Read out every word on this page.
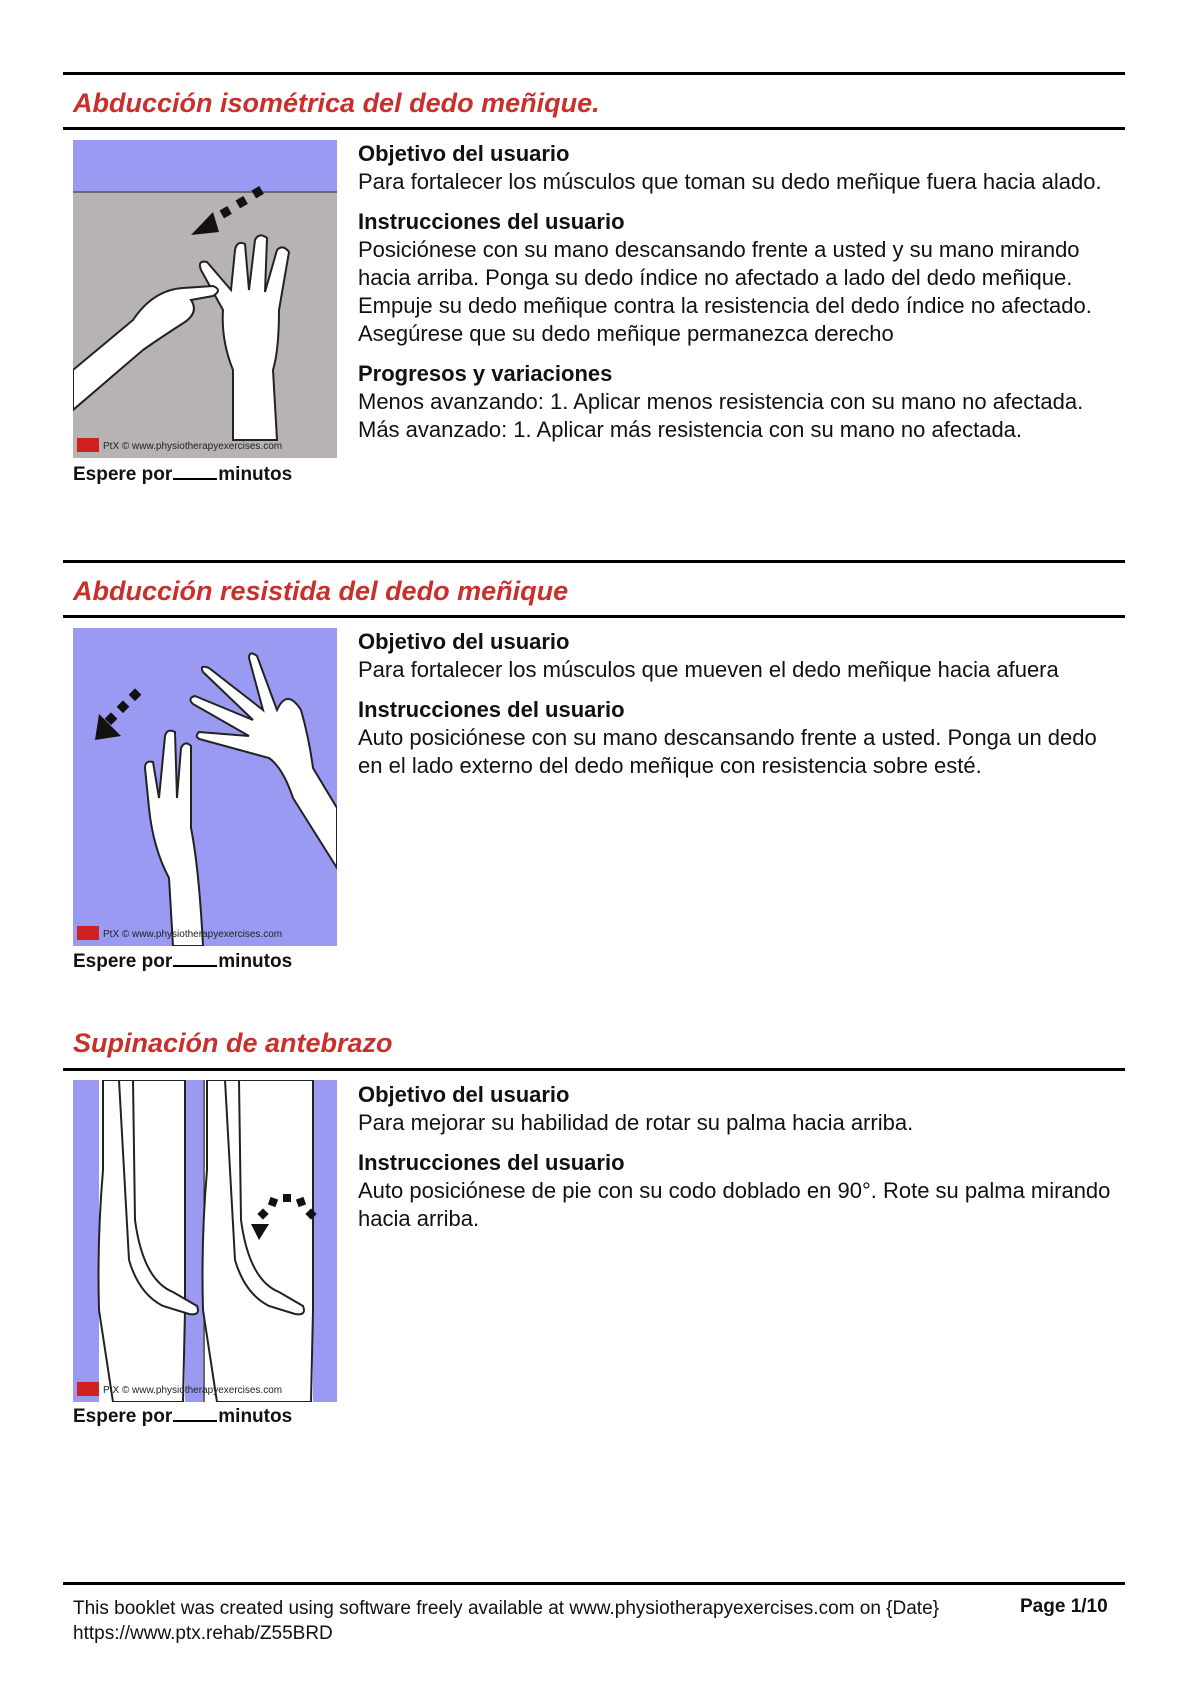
Abducción isométrica del dedo meñique.
PtX © www.physiotherapyexercises.com
Espere por minutos
Objetivo del usuario

Para fortalecer los músculos que toman su dedo meñique fuera hacia alado.

Instrucciones del usuario

Posiciónese con su mano descansando frente a usted y su mano mirando hacia arriba. Ponga su dedo índice no afectado a lado del dedo meñique. Empuje su dedo meñique contra la resistencia del dedo índice no afectado. Asegúrese que su dedo meñique permanezca derecho

Progresos y variaciones

Menos avanzando: 1. Aplicar menos resistencia con su mano no afectada. Más avanzado: 1. Aplicar más resistencia con su mano no afectada.

Abducción resistida del dedo meñique
PtX © www.physiotherapyexercises.com
Espere por minutos
Objetivo del usuario

Para fortalecer los músculos que mueven el dedo meñique hacia afuera

Instrucciones del usuario

Auto posiciónese con su mano descansando frente a usted. Ponga un dedo en el lado externo del dedo meñique con resistencia sobre esté.

Supinación de antebrazo
PtX © www.physiotherapyexercises.com
Espere por minutos
Objetivo del usuario

Para mejorar su habilidad de rotar su palma hacia arriba.

Instrucciones del usuario

Auto posiciónese de pie con su codo doblado en 90°. Rote su palma mirando hacia arriba.

This booklet was created using software freely available at www.physiotherapyexercises.com on {Date} https://www.ptx.rehab/Z55BRD
Page 1/10
